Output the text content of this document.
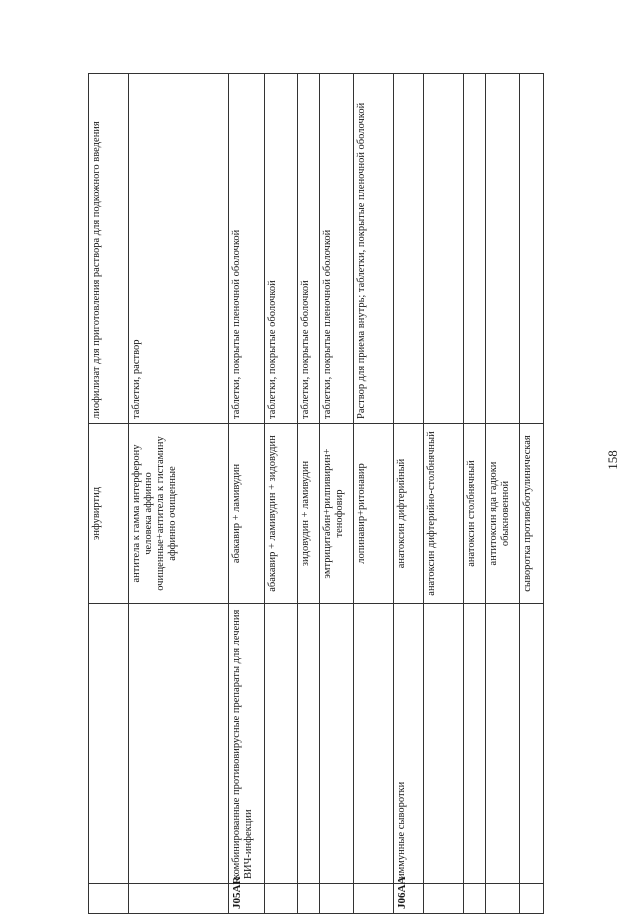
		энфувиртид	лиофилизат для приготовления раствора для подкожного введения
		антитела к гамма интерферону человека аффинно очищенные+антитела к гистамину аффинно очищенные	таблетки, раствор
J05AR	комбинированные противовирусные препараты для лечения ВИЧ-инфекции	абакавир + ламивудин	таблетки, покрытые пленочной оболочкой
		абакавир + ламивудин + зидовудин	таблетки, покрытые оболочкой
		зидовудин + ламивудин	таблетки, покрытые оболочкой
		эмтрицитабин+рилпивирин+ тенофовир	таблетки, покрытые пленочной оболочкой
		лопинавир+ритонавир	Раствор для приема внутрь; таблетки, покрытые пленочной оболочкой
J06AA	иммунные сыворотки	анатоксин дифтерийный	
		анатоксин дифтерийно-столбнячный	
		анатоксин столбнячный	
		антитоксин яда гадюки обыкновенной	
		сыворотка противоботулиническая		158
